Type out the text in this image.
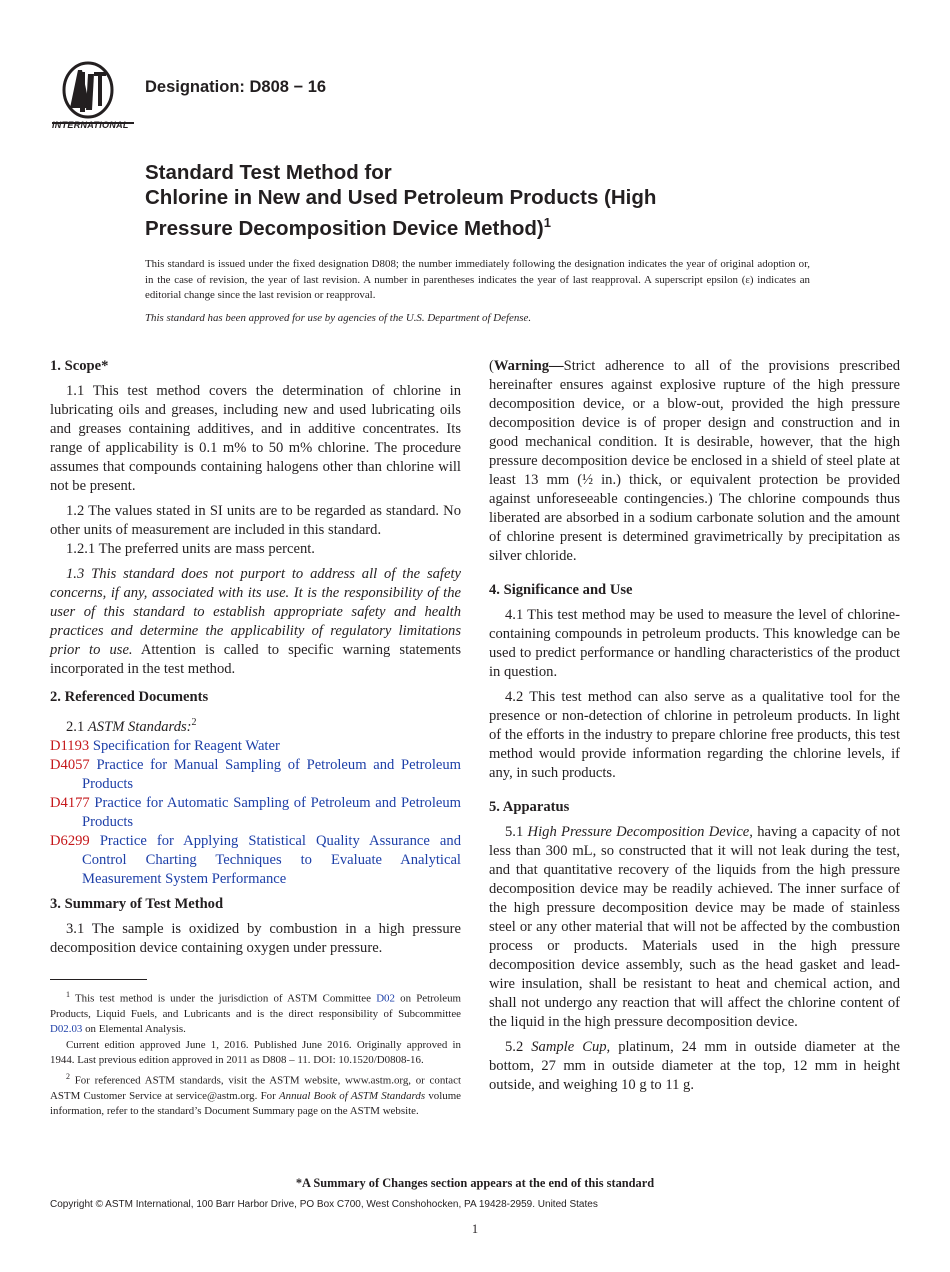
INTERNATIONAL
Designation: D808 − 16
Standard Test Method for
Chlorine in New and Used Petroleum Products (High
Pressure Decomposition Device Method)$^1$
This standard is issued under the fixed designation D808; the number immediately following the designation indicates the year of original adoption or, in the case of revision, the year of last revision. A number in parentheses indicates the year of last reapproval. A superscript epsilon (ε) indicates an editorial change since the last revision or reapproval.
This standard has been approved for use by agencies of the U.S. Department of Defense.
1. Scope*

1.1 This test method covers the determination of chlorine in lubricating oils and greases, including new and used lubricating oils and greases containing additives, and in additive concentrates. Its range of applicability is 0.1 m% to 50 m% chlorine. The procedure assumes that compounds containing halogens other than chlorine will not be present.

1.2 The values stated in SI units are to be regarded as standard. No other units of measurement are included in this standard.

1.2.1 The preferred units are mass percent.

1.3 This standard does not purport to address all of the safety concerns, if any, associated with its use. It is the responsibility of the user of this standard to establish appropriate safety and health practices and determine the applicability of regulatory limitations prior to use. Attention is called to specific warning statements incorporated in the test method.

2. Referenced Documents

2.1 ASTM Standards:$^2$

D1193 Specification for Reagent Water

D4057 Practice for Manual Sampling of Petroleum and Petroleum Products

D4177 Practice for Automatic Sampling of Petroleum and Petroleum Products

D6299 Practice for Applying Statistical Quality Assurance and Control Charting Techniques to Evaluate Analytical Measurement System Performance

3. Summary of Test Method

3.1 The sample is oxidized by combustion in a high pressure decomposition device containing oxygen under pressure.

$^1$ This test method is under the jurisdiction of ASTM Committee D02 on Petroleum Products, Liquid Fuels, and Lubricants and is the direct responsibility of Subcommittee D02.03 on Elemental Analysis.

Current edition approved June 1, 2016. Published June 2016. Originally approved in 1944. Last previous edition approved in 2011 as D808 – 11. DOI: 10.1520/D0808-16.

$^2$ For referenced ASTM standards, visit the ASTM website, www.astm.org, or contact ASTM Customer Service at service@astm.org. For Annual Book of ASTM Standards volume information, refer to the standard’s Document Summary page on the ASTM website.

(Warning—Strict adherence to all of the provisions prescribed hereinafter ensures against explosive rupture of the high pressure decomposition device, or a blow-out, provided the high pressure decomposition device is of proper design and construction and in good mechanical condition. It is desirable, however, that the high pressure decomposition device be enclosed in a shield of steel plate at least 13 mm (½ in.) thick, or equivalent protection be provided against unforeseeable contingencies.) The chlorine compounds thus liberated are absorbed in a sodium carbonate solution and the amount of chlorine present is determined gravimetrically by precipitation as silver chloride.

4. Significance and Use

4.1 This test method may be used to measure the level of chlorine-containing compounds in petroleum products. This knowledge can be used to predict performance or handling characteristics of the product in question.

4.2 This test method can also serve as a qualitative tool for the presence or non-detection of chlorine in petroleum products. In light of the efforts in the industry to prepare chlorine free products, this test method would provide information regarding the chlorine levels, if any, in such products.

5. Apparatus

5.1 High Pressure Decomposition Device, having a capacity of not less than 300 mL, so constructed that it will not leak during the test, and that quantitative recovery of the liquids from the high pressure decomposition device may be readily achieved. The inner surface of the high pressure decomposition device may be made of stainless steel or any other material that will not be affected by the combustion process or products. Materials used in the high pressure decomposition device assembly, such as the head gasket and lead-wire insulation, shall be resistant to heat and chemical action, and shall not undergo any reaction that will affect the chlorine content of the liquid in the high pressure decomposition device.

5.2 Sample Cup, platinum, 24 mm in outside diameter at the bottom, 27 mm in outside diameter at the top, 12 mm in height outside, and weighing 10 g to 11 g.

*A Summary of Changes section appears at the end of this standard
Copyright © ASTM International, 100 Barr Harbor Drive, PO Box C700, West Conshohocken, PA 19428-2959. United States
1
